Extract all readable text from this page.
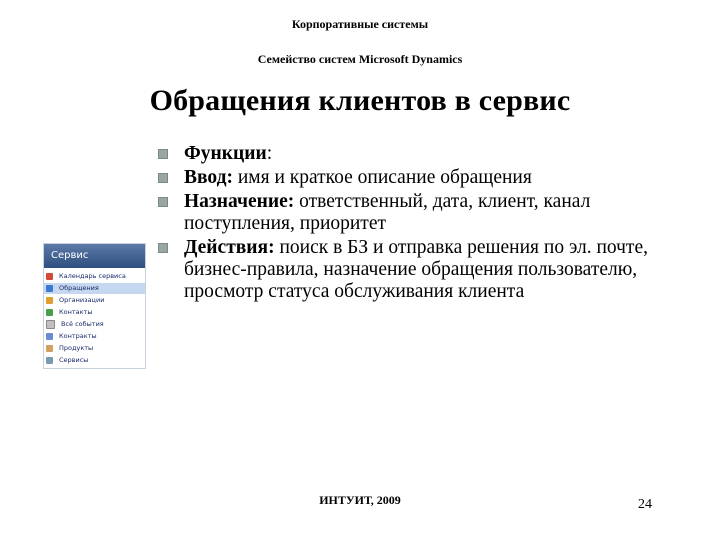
Корпоративные системы
Семейство систем Microsoft Dynamics
Обращения клиентов в сервис
Функции:
Ввод: имя и краткое описание обращения
Назначение: ответственный, дата, клиент, канал поступления, приоритет
Действия: поиск в БЗ и отправка решения по эл. почте, бизнес-правила, назначение обращения пользователю, просмотр статуса обслуживания клиента
Сервис
Календарь сервиса
Обращения
Организации
Контакты
Всё события
Контракты
Продукты
Сервисы
ИНТУИТ, 2009	24
